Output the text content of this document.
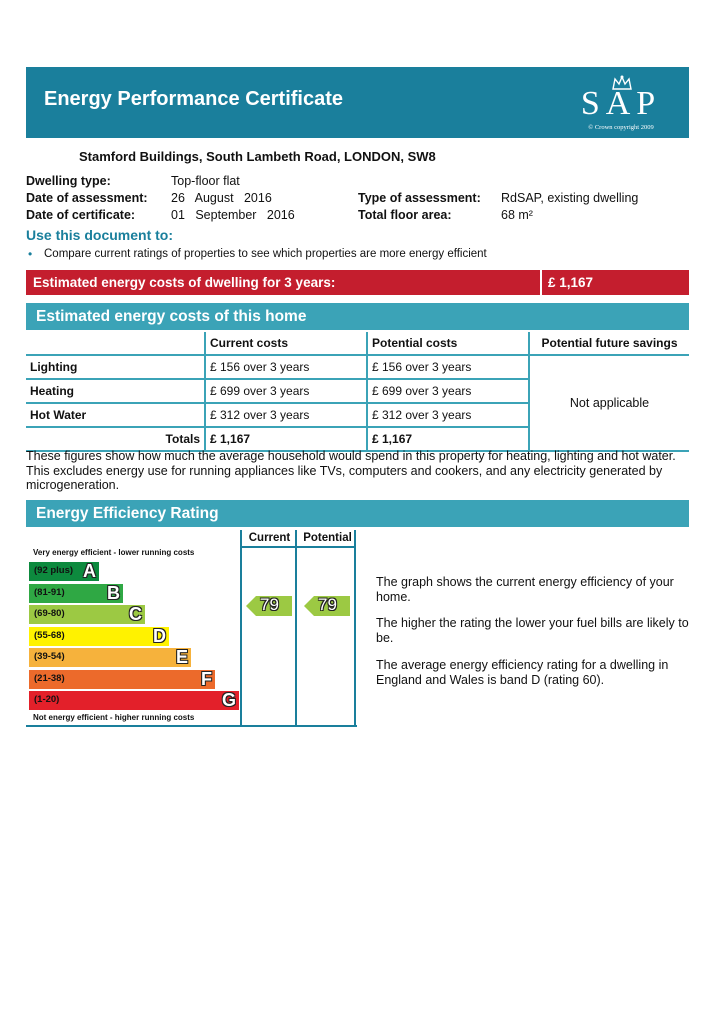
Energy Performance Certificate	SAP
© Crown copyright 2009
Stamford Buildings, South Lambeth Road, LONDON, SW8
Dwelling type:	Top-floor flat
Date of assessment: 26   August   2016
Date of certificate:	01   September   2016
Type of assessment: RdSAP, existing dwelling
Total floor area:	68 m²
Use this document to:
• Compare current ratings of properties to see which properties are more energy efficient
Estimated energy costs of dwelling for 3 years:	£ 1,167
Estimated energy costs of this home
	Current costs	Potential costs	Potential future savings
Lighting	£ 156 over 3 years	£ 156 over 3 years	Not applicable
Heating	£ 699 over 3 years	£ 699 over 3 years	
Hot Water	£ 312 over 3 years	£ 312 over 3 years	
Totals	£ 1,167	£ 1,167	
These figures show how much the average household would spend in this property for heating, lighting and hot water. This excludes energy use for running appliances like TVs, computers and cookers, and any electricity generated by microgeneration.
Energy Efficiency Rating
Current	Potential
Very energy efficient - lower running costs
(92 plus) A
(81-91) B
(69-80)	C
(55-68)	D
(39-54)	E
(21-38)	F
(1-20)	G
Not energy efficient - higher running costs
79 79
The graph shows the current energy efficiency of your home.
The higher the rating the lower your fuel bills are likely to be.
The average energy efficiency rating for a dwelling in England and Wales is band D (rating 60).
